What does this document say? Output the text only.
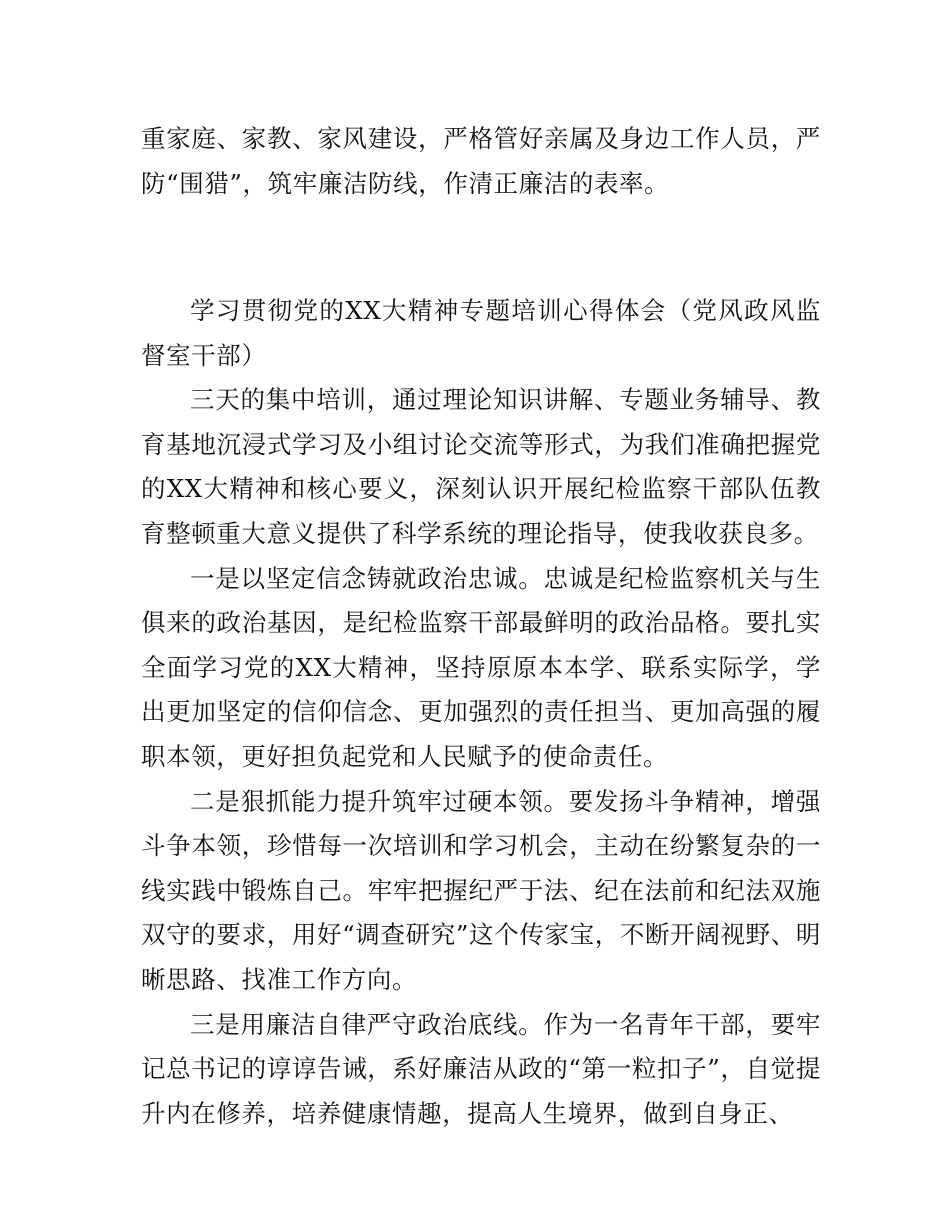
重家庭、家教、家风建设，严格管好亲属及身边工作人员，严防“围猎”，筑牢廉洁防线，作清正廉洁的表率。

学习贯彻党的XX大精神专题培训心得体会（党风政风监督室干部）

三天的集中培训，通过理论知识讲解、专题业务辅导、教育基地沉浸式学习及小组讨论交流等形式，为我们准确把握党的XX大精神和核心要义，深刻认识开展纪检监察干部队伍教育整顿重大意义提供了科学系统的理论指导，使我收获良多。

一是以坚定信念铸就政治忠诚。忠诚是纪检监察机关与生俱来的政治基因，是纪检监察干部最鲜明的政治品格。要扎实全面学习党的XX大精神，坚持原原本本学、联系实际学，学出更加坚定的信仰信念、更加强烈的责任担当、更加高强的履职本领，更好担负起党和人民赋予的使命责任。

二是狠抓能力提升筑牢过硬本领。要发扬斗争精神，增强斗争本领，珍惜每一次培训和学习机会，主动在纷繁复杂的一线实践中锻炼自己。牢牢把握纪严于法、纪在法前和纪法双施双守的要求，用好“调查研究”这个传家宝，不断开阔视野、明晰思路、找准工作方向。

三是用廉洁自律严守政治底线。作为一名青年干部，要牢记总书记的谆谆告诫，系好廉洁从政的“第一粒扣子”，自觉提升内在修养，培养健康情趣，提高人生境界，做到自身正、
